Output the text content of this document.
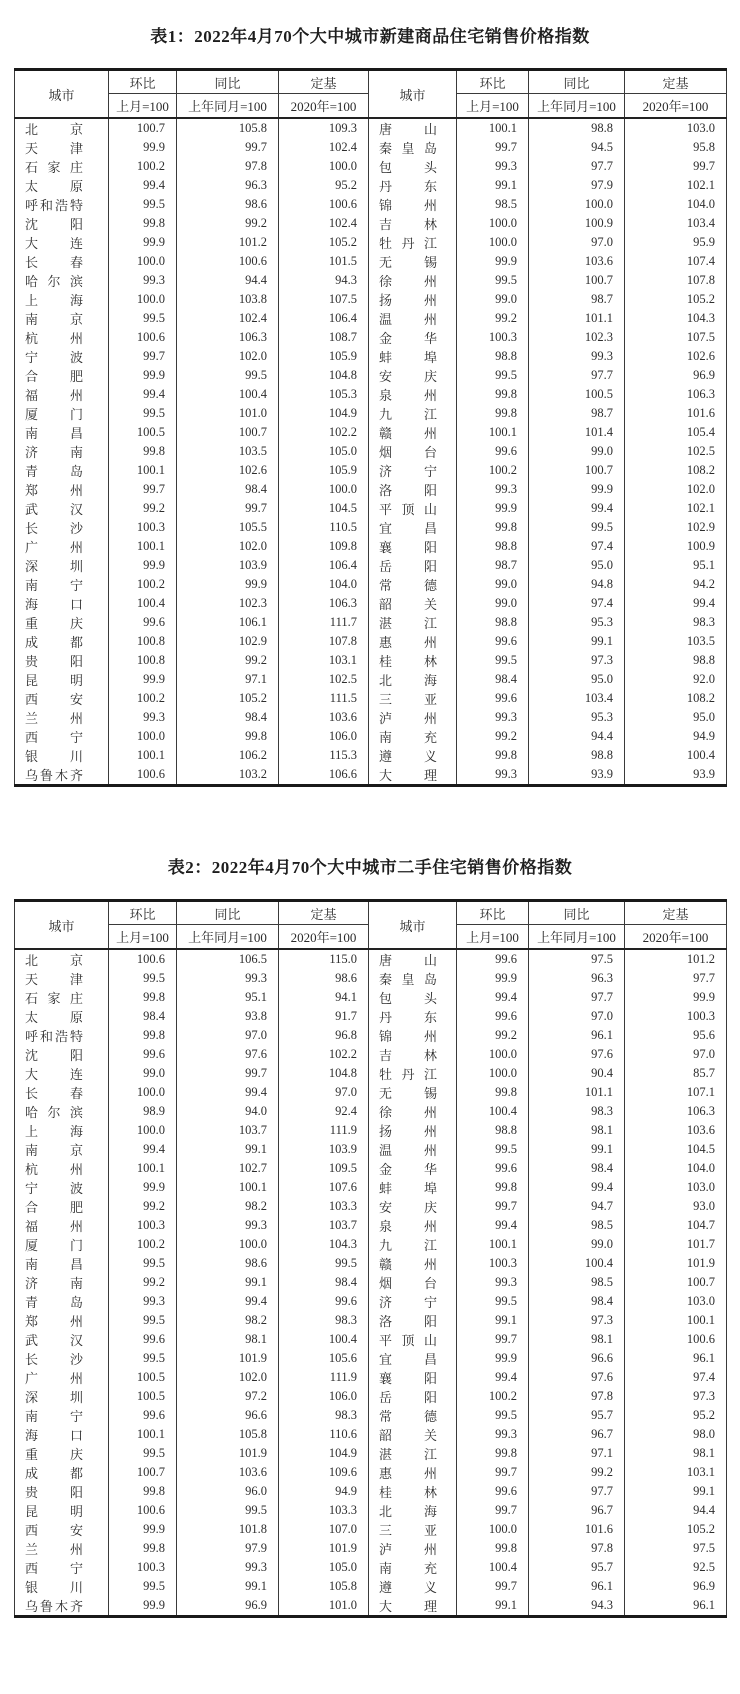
表1：2022年4月70个大中城市新建商品住宅销售价格指数
城市	环比	同比	定基	城市	环比	同比	定基
	上月=100	上年同月=100	2020年=100		上月=100	上年同月=100	2020年=100
北京	100.7	105.8	109.3	唐山	100.1	98.8	103.0
天津	99.9	99.7	102.4	秦皇岛	99.7	94.5	95.8
石家庄	100.2	97.8	100.0	包头	99.3	97.7	99.7
太原	99.4	96.3	95.2	丹东	99.1	97.9	102.1
呼和浩特	99.5	98.6	100.6	锦州	98.5	100.0	104.0
沈阳	99.8	99.2	102.4	吉林	100.0	100.9	103.4
大连	99.9	101.2	105.2	牡丹江	100.0	97.0	95.9
长春	100.0	100.6	101.5	无锡	99.9	103.6	107.4
哈尔滨	99.3	94.4	94.3	徐州	99.5	100.7	107.8
上海	100.0	103.8	107.5	扬州	99.0	98.7	105.2
南京	99.5	102.4	106.4	温州	99.2	101.1	104.3
杭州	100.6	106.3	108.7	金华	100.3	102.3	107.5
宁波	99.7	102.0	105.9	蚌埠	98.8	99.3	102.6
合肥	99.9	99.5	104.8	安庆	99.5	97.7	96.9
福州	99.4	100.4	105.3	泉州	99.8	100.5	106.3
厦门	99.5	101.0	104.9	九江	99.8	98.7	101.6
南昌	100.5	100.7	102.2	赣州	100.1	101.4	105.4
济南	99.8	103.5	105.0	烟台	99.6	99.0	102.5
青岛	100.1	102.6	105.9	济宁	100.2	100.7	108.2
郑州	99.7	98.4	100.0	洛阳	99.3	99.9	102.0
武汉	99.2	99.7	104.5	平顶山	99.9	99.4	102.1
长沙	100.3	105.5	110.5	宜昌	99.8	99.5	102.9
广州	100.1	102.0	109.8	襄阳	98.8	97.4	100.9
深圳	99.9	103.9	106.4	岳阳	98.7	95.0	95.1
南宁	100.2	99.9	104.0	常德	99.0	94.8	94.2
海口	100.4	102.3	106.3	韶关	99.0	97.4	99.4
重庆	99.6	106.1	111.7	湛江	98.8	95.3	98.3
成都	100.8	102.9	107.8	惠州	99.6	99.1	103.5
贵阳	100.8	99.2	103.1	桂林	99.5	97.3	98.8
昆明	99.9	97.1	102.5	北海	98.4	95.0	92.0
西安	100.2	105.2	111.5	三亚	99.6	103.4	108.2
兰州	99.3	98.4	103.6	泸州	99.3	95.3	95.0
西宁	100.0	99.8	106.0	南充	99.2	94.4	94.9
银川	100.1	106.2	115.3	遵义	99.8	98.8	100.4
乌鲁木齐	100.6	103.2	106.6	大理	99.3	93.9	93.9
表2：2022年4月70个大中城市二手住宅销售价格指数
城市	环比	同比	定基	城市	环比	同比	定基
	上月=100	上年同月=100	2020年=100		上月=100	上年同月=100	2020年=100
北京	100.6	106.5	115.0	唐山	99.6	97.5	101.2
天津	99.5	99.3	98.6	秦皇岛	99.9	96.3	97.7
石家庄	99.8	95.1	94.1	包头	99.4	97.7	99.9
太原	98.4	93.8	91.7	丹东	99.6	97.0	100.3
呼和浩特	99.8	97.0	96.8	锦州	99.2	96.1	95.6
沈阳	99.6	97.6	102.2	吉林	100.0	97.6	97.0
大连	99.0	99.7	104.8	牡丹江	100.0	90.4	85.7
长春	100.0	99.4	97.0	无锡	99.8	101.1	107.1
哈尔滨	98.9	94.0	92.4	徐州	100.4	98.3	106.3
上海	100.0	103.7	111.9	扬州	98.8	98.1	103.6
南京	99.4	99.1	103.9	温州	99.5	99.1	104.5
杭州	100.1	102.7	109.5	金华	99.6	98.4	104.0
宁波	99.9	100.1	107.6	蚌埠	99.8	99.4	103.0
合肥	99.2	98.2	103.3	安庆	99.7	94.7	93.0
福州	100.3	99.3	103.7	泉州	99.4	98.5	104.7
厦门	100.2	100.0	104.3	九江	100.1	99.0	101.7
南昌	99.5	98.6	99.5	赣州	100.3	100.4	101.9
济南	99.2	99.1	98.4	烟台	99.3	98.5	100.7
青岛	99.3	99.4	99.6	济宁	99.5	98.4	103.0
郑州	99.5	98.2	98.3	洛阳	99.1	97.3	100.1
武汉	99.6	98.1	100.4	平顶山	99.7	98.1	100.6
长沙	99.5	101.9	105.6	宜昌	99.9	96.6	96.1
广州	100.5	102.0	111.9	襄阳	99.4	97.6	97.4
深圳	100.5	97.2	106.0	岳阳	100.2	97.8	97.3
南宁	99.6	96.6	98.3	常德	99.5	95.7	95.2
海口	100.1	105.8	110.6	韶关	99.3	96.7	98.0
重庆	99.5	101.9	104.9	湛江	99.8	97.1	98.1
成都	100.7	103.6	109.6	惠州	99.7	99.2	103.1
贵阳	99.8	96.0	94.9	桂林	99.6	97.7	99.1
昆明	100.6	99.5	103.3	北海	99.7	96.7	94.4
西安	99.9	101.8	107.0	三亚	100.0	101.6	105.2
兰州	99.8	97.9	101.9	泸州	99.8	97.8	97.5
西宁	100.3	99.3	105.0	南充	100.4	95.7	92.5
银川	99.5	99.1	105.8	遵义	99.7	96.1	96.9
乌鲁木齐	99.9	96.9	101.0	大理	99.1	94.3	96.1
